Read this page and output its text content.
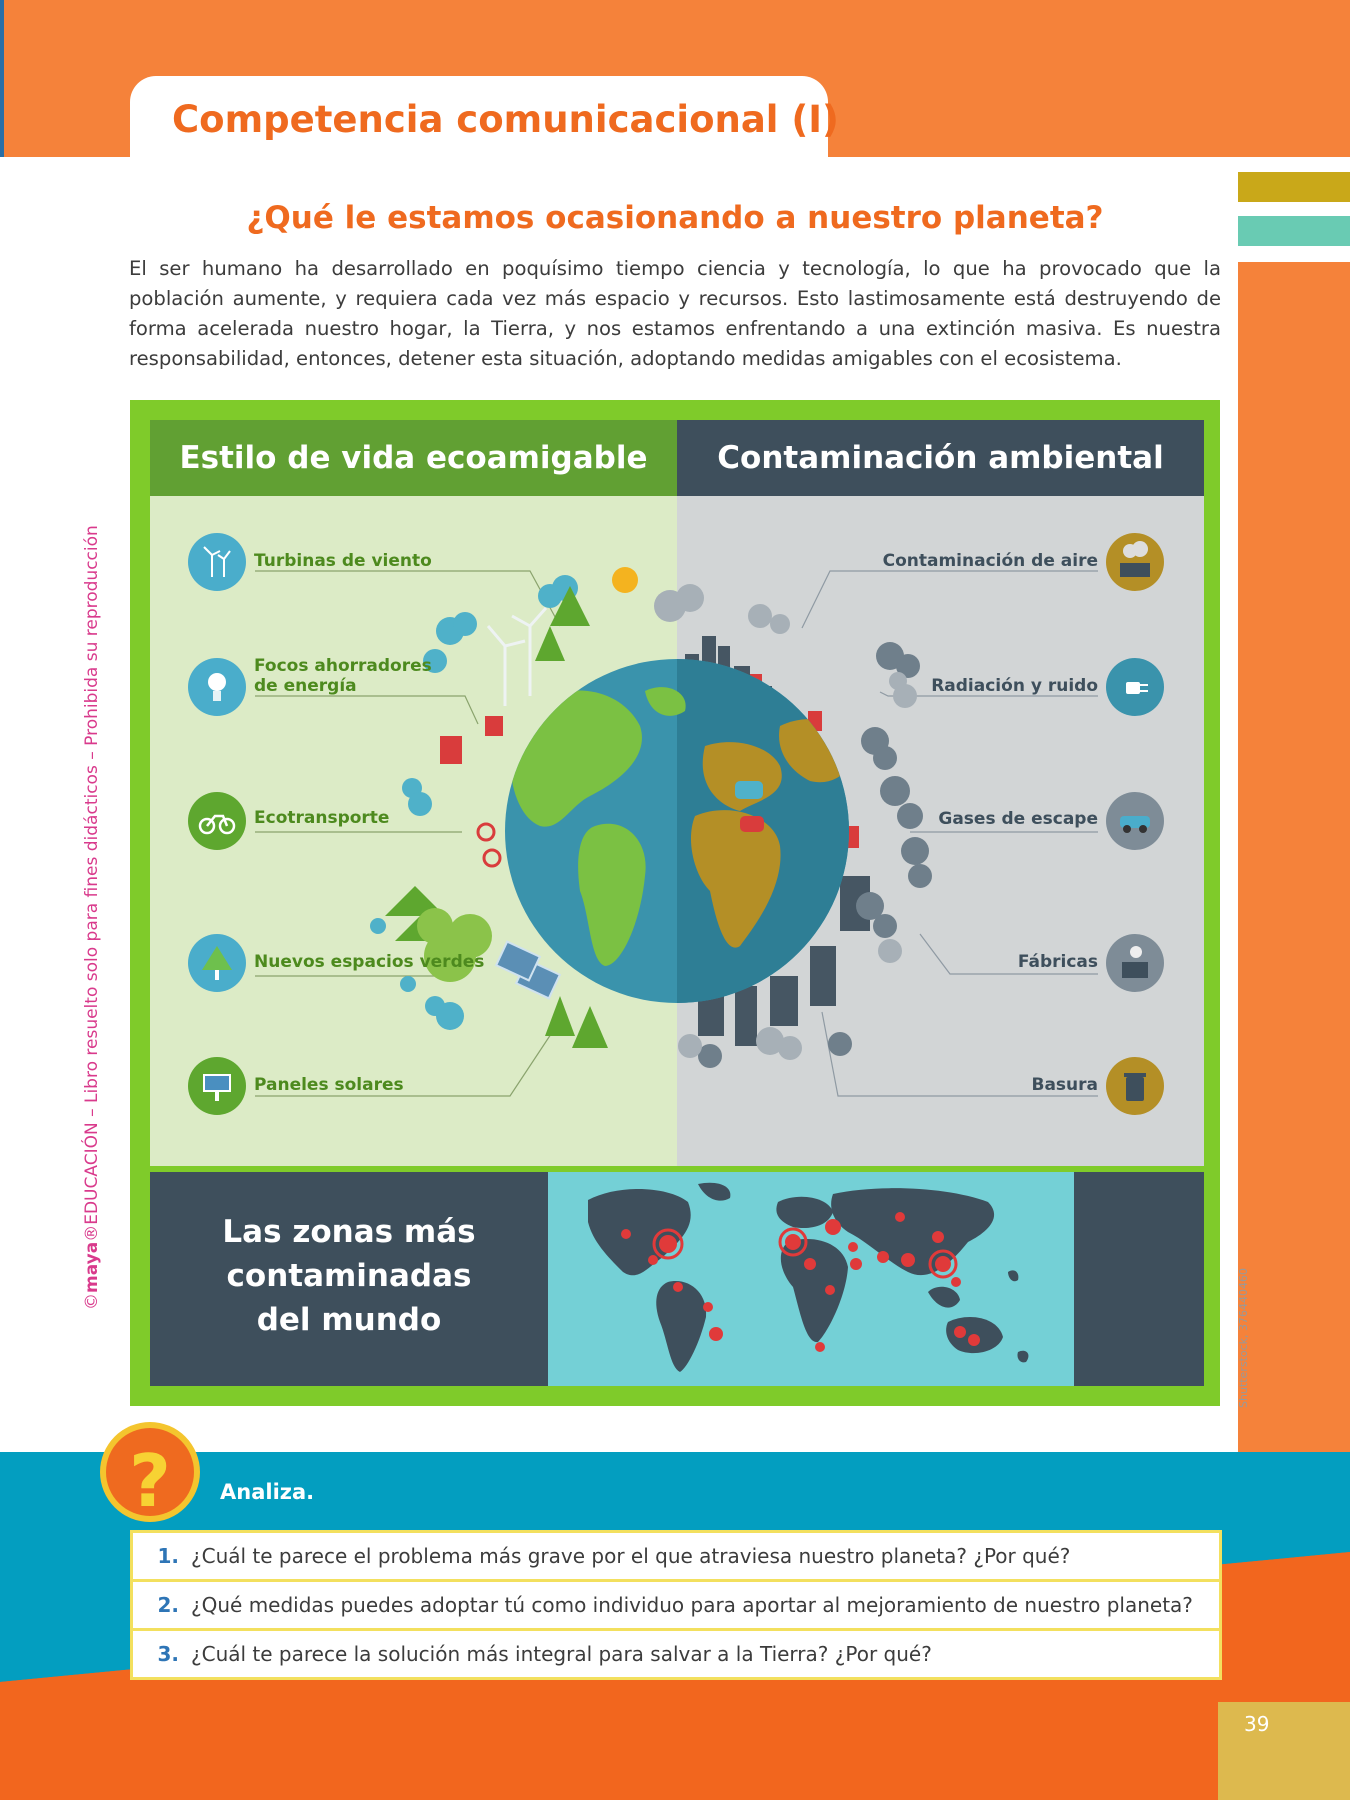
Competencia comunicacional (I)
¿Qué le estamos ocasionando a nuestro planeta?
El ser humano ha desarrollado en poquísimo tiempo ciencia y tecnología, lo que ha provocado que la población aumente, y requiera cada vez más espacio y recursos. Esto lastimosamente está destruyendo de forma acelerada nuestro hogar, la Tierra, y nos estamos enfrentando a una extinción masiva. Es nuestra responsabilidad, entonces, detener esta situación, adoptando medidas amigables con el ecosistema.
©maya®EDUCACIÓN – Libro resuelto solo para fines didácticos – Prohibida su reproducción
Shutterstock, 376440460
Estilo de vida ecoamigable	Contaminación ambiental
Turbinas de viento
Focos ahorradores de energía
Ecotransporte
Nuevos espacios verdes
Paneles solares
Contaminación de aire
Radiación y ruido
Gases de escape
Fábricas
Basura
Las zonas más
contaminadas
del mundo
? Analiza.
1. ¿Cuál te parece el problema más grave por el que atraviesa nuestro planeta? ¿Por qué?
2. ¿Qué medidas puedes adoptar tú como individuo para aportar al mejoramiento de nuestro planeta?
3. ¿Cuál te parece la solución más integral para salvar a la Tierra? ¿Por qué?
39
